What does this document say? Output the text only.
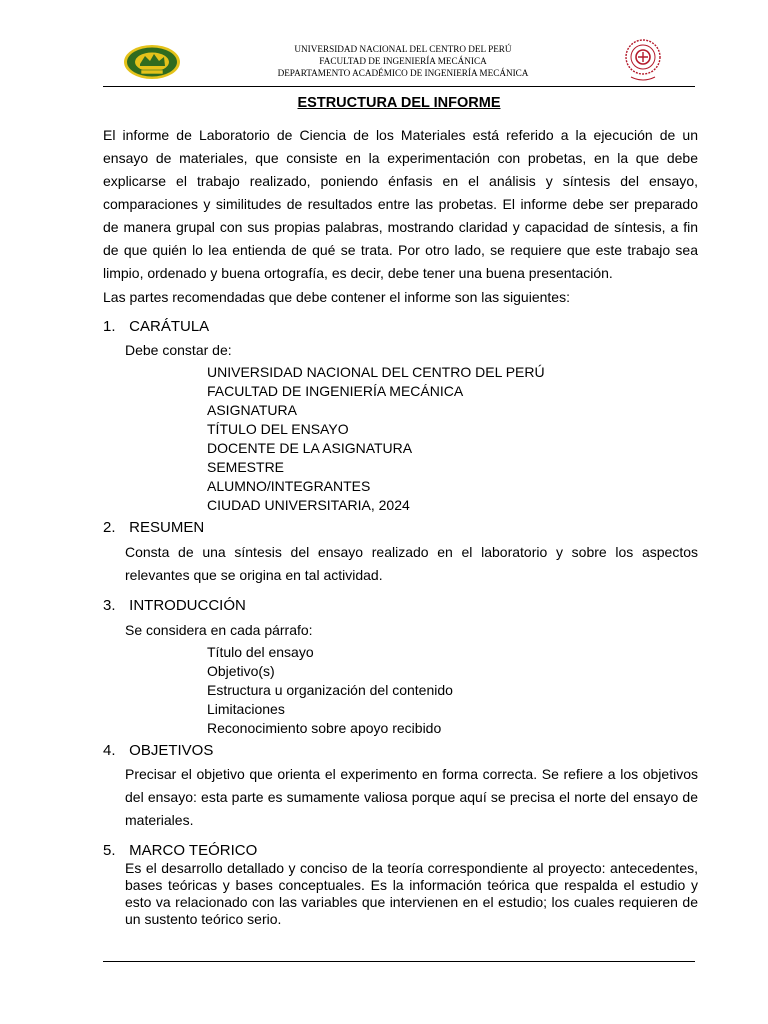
UNIVERSIDAD NACIONAL DEL CENTRO DEL PERÚ
FACULTAD DE INGENIERÍA MECÁNICA
DEPARTAMENTO ACADÉMICO DE INGENIERÍA MECÁNICA
ESTRUCTURA DEL INFORME
El informe de Laboratorio de Ciencia de los Materiales está referido a la ejecución de un ensayo de materiales, que consiste en la experimentación con probetas, en la que debe explicarse el trabajo realizado, poniendo énfasis en el análisis y síntesis del ensayo, comparaciones y similitudes de resultados entre las probetas. El informe debe ser preparado de manera grupal con sus propias palabras, mostrando claridad y capacidad de síntesis, a fin de que quién lo lea entienda de qué se trata. Por otro lado, se requiere que este trabajo sea limpio, ordenado y buena ortografía, es decir, debe tener una buena presentación.
Las partes recomendadas que debe contener el informe son las siguientes:
1. CARÁTULA
Debe constar de:
UNIVERSIDAD NACIONAL DEL CENTRO DEL PERÚ
FACULTAD DE INGENIERÍA MECÁNICA
ASIGNATURA
TÍTULO DEL ENSAYO
DOCENTE DE LA ASIGNATURA
SEMESTRE
ALUMNO/INTEGRANTES
CIUDAD UNIVERSITARIA, 2024
2. RESUMEN
Consta de una síntesis del ensayo realizado en el laboratorio y sobre los aspectos relevantes que se origina en tal actividad.
3. INTRODUCCIÓN
Se considera en cada párrafo:
Título del ensayo
Objetivo(s)
Estructura u organización del contenido
Limitaciones
Reconocimiento sobre apoyo recibido
4. OBJETIVOS
Precisar el objetivo que orienta el experimento en forma correcta. Se refiere a los objetivos del ensayo: esta parte es sumamente valiosa porque aquí se precisa el norte del ensayo de materiales.
5. MARCO TEÓRICO
Es el desarrollo detallado y conciso de la teoría correspondiente al proyecto: antecedentes, bases teóricas y bases conceptuales. Es la información teórica que respalda el estudio y esto va relacionado con las variables que intervienen en el estudio; los cuales requieren de un sustento teórico serio.
